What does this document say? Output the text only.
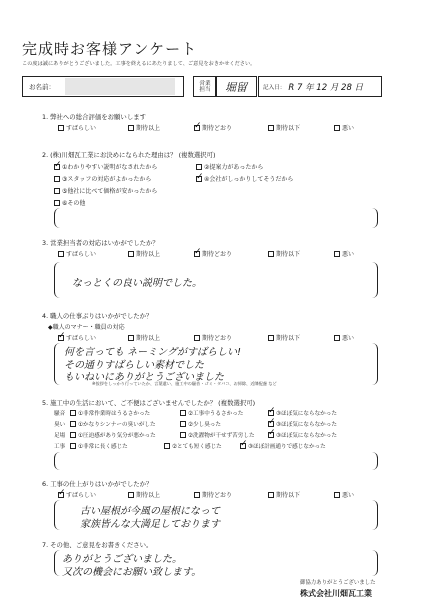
完成時お客様アンケート
この度は誠にありがとうございました。工事を終えるにあたりまして、ご意見をおきかせください。
お名前：	営業
担当 堀留	記入日： R 7 年 12 月 28 日
1. 弊社への総合評価をお願いします
すばらしい	期待以上 ✓	期待どおり	期待以下	悪い
2. (株)川畑瓦工業にお決めになられた理由は？ (複数選択可)
✓
①わかりやすい説明がなされたから	②提案力があったから
③スタッフの対応がよかったから ✓	④会社がしっかりしてそうだから
⑤他社に比べて価格が安かったから
⑥その他
3. 営業担当者の対応はいかがでしたか？
すばらしい	期待以上 ✓	期待どおり	期待以下	悪い
なっとくの良い説明でした。
4. 職人の仕事ぶりはいかがでしたか？
◆職人のマナー・職員の対応
✓
すばらしい	期待以上	期待どおり	期待以下	悪い
何を言っても ネーミングがすばらしい!
その通りすばらしい素材でした
もいねいにありがとうございました
※挨拶をしっかり行っていたか、言葉遣い、施工中の騒音・ゴミ・タバコ、お掃除、近隣配慮 など
5. 施工中の生活において、ご不便はございませんでしたか？ (複数選択可)
騒音 ①非常作業時はうるさかった	②工事中うるさかった ✓	③ほぼ気にならなかった
臭い ①かなりシンナーの臭いがした	②少し臭った ✓	③ほぼ気にならなかった
足場 ①圧迫感があり気分が悪かった	②洗濯物が干せず苦労した ✓	③ほぼ気にならなかった
工事 ①非常に長く感じた	②とても短く感じた ✓	③ほぼ計画通りで感じなかった
6. 工事の仕上がりはいかがでしたか？
✓
すばらしい	期待以上	期待どおり	期待以下	悪い
古い屋根が今風の屋根になって
家族皆んな大満足しております
7. その他、ご意見をお書きください。
ありがとうございました。
又次の機会にお願い致します。
御協力ありがとうございました
株式会社川畑瓦工業
